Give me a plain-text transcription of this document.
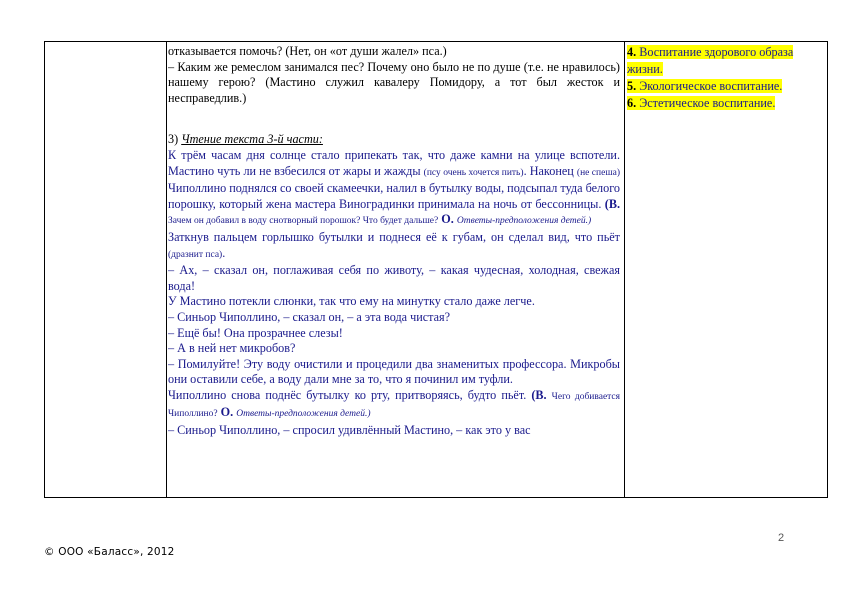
отказывается помочь? (Нет, он «от души жалел» пса.)

– Каким же ремеслом занимался пес? Почему оно было не по душе (т.е. не нравилось) нашему герою? (Мастино служил кавалеру Помидору, а тот был жесток и несправедлив.)

3) Чтение текста 3-й части:

К трём часам дня солнце стало припекать так, что даже камни на улице вспотели. Мастино чуть ли не взбесился от жары и жажды (псу очень хочется пить). Наконец (не спеша) Чиполлино поднялся со своей скамеечки, налил в бутылку воды, подсыпал туда белого порошку, который жена мастера Виноградинки принимала на ночь от бессонницы. (В. Зачем он добавил в воду снотворный порошок? Что будет дальше? О. Ответы-предположения детей.)

Заткнув пальцем горлышко бутылки и поднеся её к губам, он сделал вид, что пьёт (дразнит пса).

– Ах, – сказал он, поглаживая себя по животу, – какая чудесная, холодная, свежая вода!

У Мастино потекли слюнки, так что ему на минутку стало даже легче.

– Синьор Чиполлино, – сказал он, – а эта вода чистая?

– Ещё бы! Она прозрачнее слезы!

– А в ней нет микробов?

– Помилуйте! Эту воду очистили и процедили два знаменитых профессора. Микробы они оставили себе, а воду дали мне за то, что я починил им туфли.

Чиполлино снова поднёс бутылку ко рту, притворяясь, будто пьёт. (В. Чего добивается Чиполлино? О. Ответы-предположения детей.)

– Синьор Чиполлино, – спросил удивлённый Мастино, – как это у вас

4. Воспитание здорового образа жизни.
5. Экологическое воспитание.
6. Эстетическое воспитание.
2
© ООО «Баласс», 2012
